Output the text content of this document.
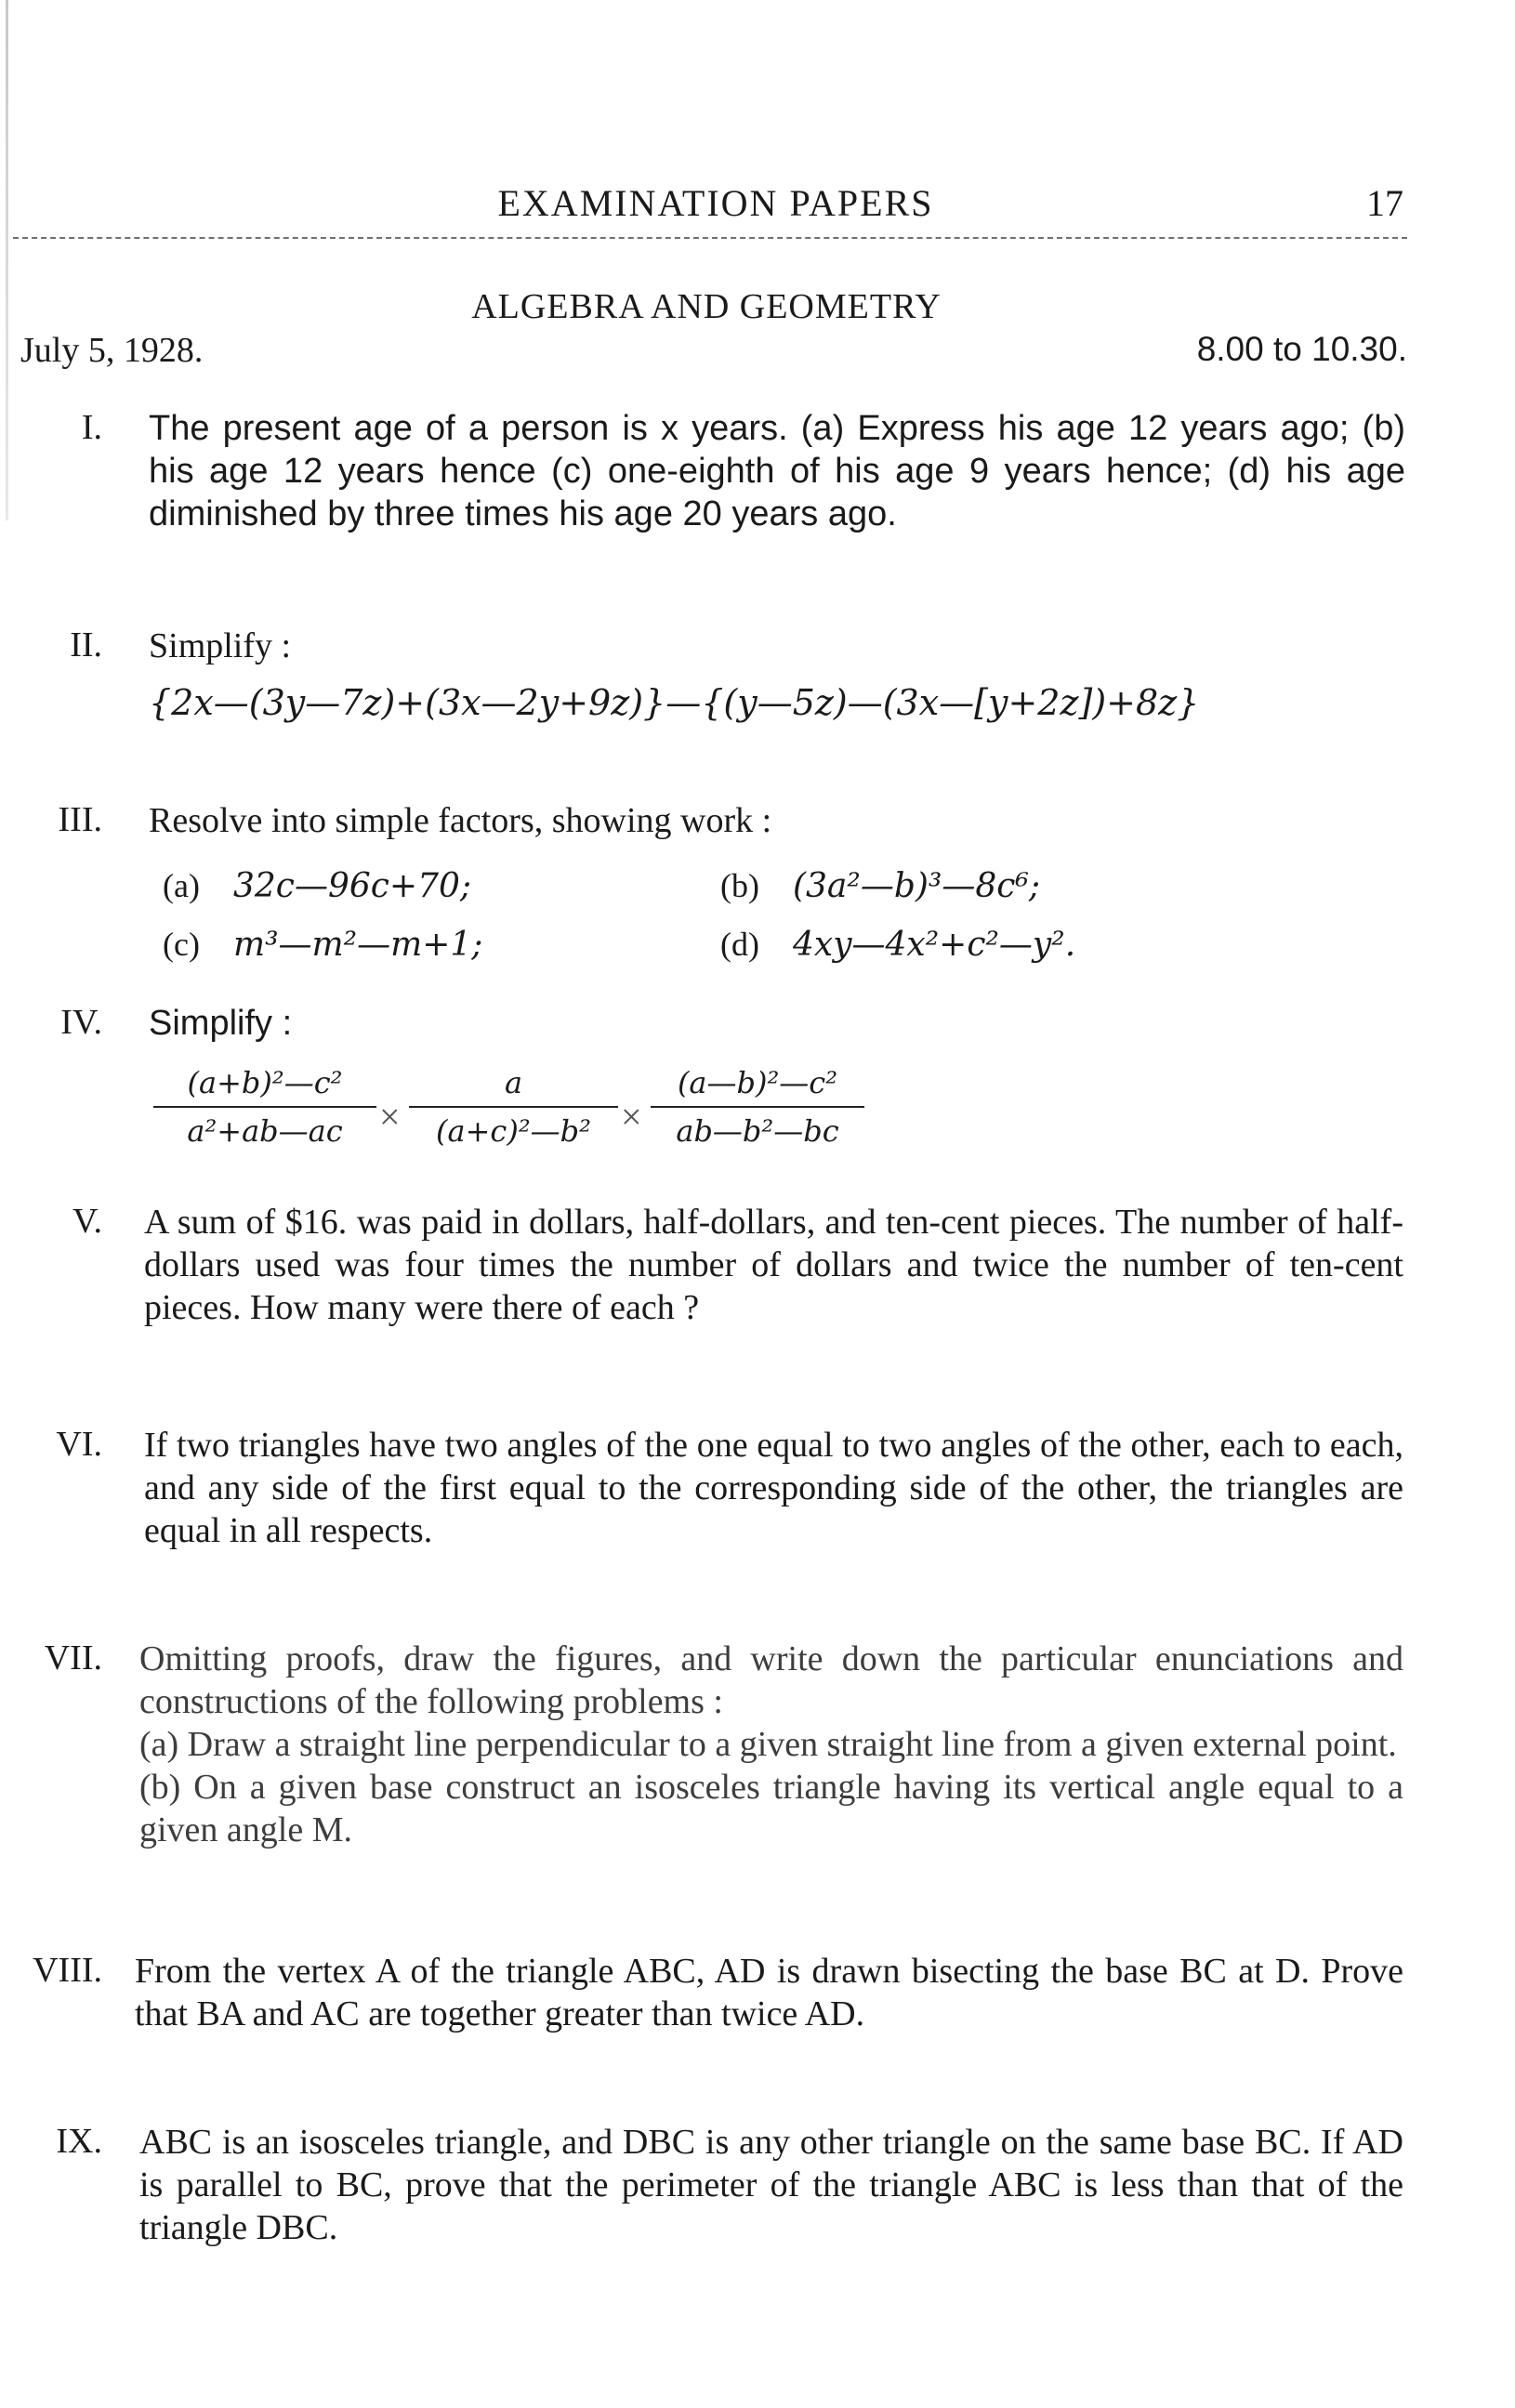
EXAMINATION PAPERS	17
ALGEBRA AND GEOMETRY
July 5, 1928.	8.00 to 10.30.
I. The present age of a person is x years. (a) Express his age 12 years ago; (b) his age 12 years hence (c) one-eighth of his age 9 years hence; (d) his age diminished by three times his age 20 years ago.
II. Simplify :
{2x—(3y—7z)+(3x—2y+9z)}—{(y—5z)—(3x—[y+2z])+8z}
III. Resolve into simple factors, showing work :
(a) 32c—96c+70;	(b) (3a²—b)³—8c⁶;
(c) m³—m²—m+1;	(d) 4xy—4x²+c²—y².
IV. Simplify :
$\frac{\text{(a+b)²—c²}}{\text{a²+ab—ac}} \times \frac{a}{\text{(a+c)²—b²}} \times \frac{\text{(a—b)²—c²}}{\text{ab—b²—bc}}$
V. A sum of $16. was paid in dollars, half-dollars, and ten-cent pieces. The number of half-dollars used was four times the number of dollars and twice the number of ten-cent pieces. How many were there of each ?
VI. If two triangles have two angles of the one equal to two angles of the other, each to each, and any side of the first equal to the corresponding side of the other, the triangles are equal in all respects.
VII. Omitting proofs, draw the figures, and write down the particular enunciations and constructions of the following problems :
(a) Draw a straight line perpendicular to a given straight line from a given external point.
(b) On a given base construct an isosceles triangle having its vertical angle equal to a given angle M.
VIII. From the vertex A of the triangle ABC, AD is drawn bisecting the base BC at D. Prove that BA and AC are together greater than twice AD.
IX. ABC is an isosceles triangle, and DBC is any other triangle on the same base BC. If AD is parallel to BC, prove that the perimeter of the triangle ABC is less than that of the triangle DBC.
